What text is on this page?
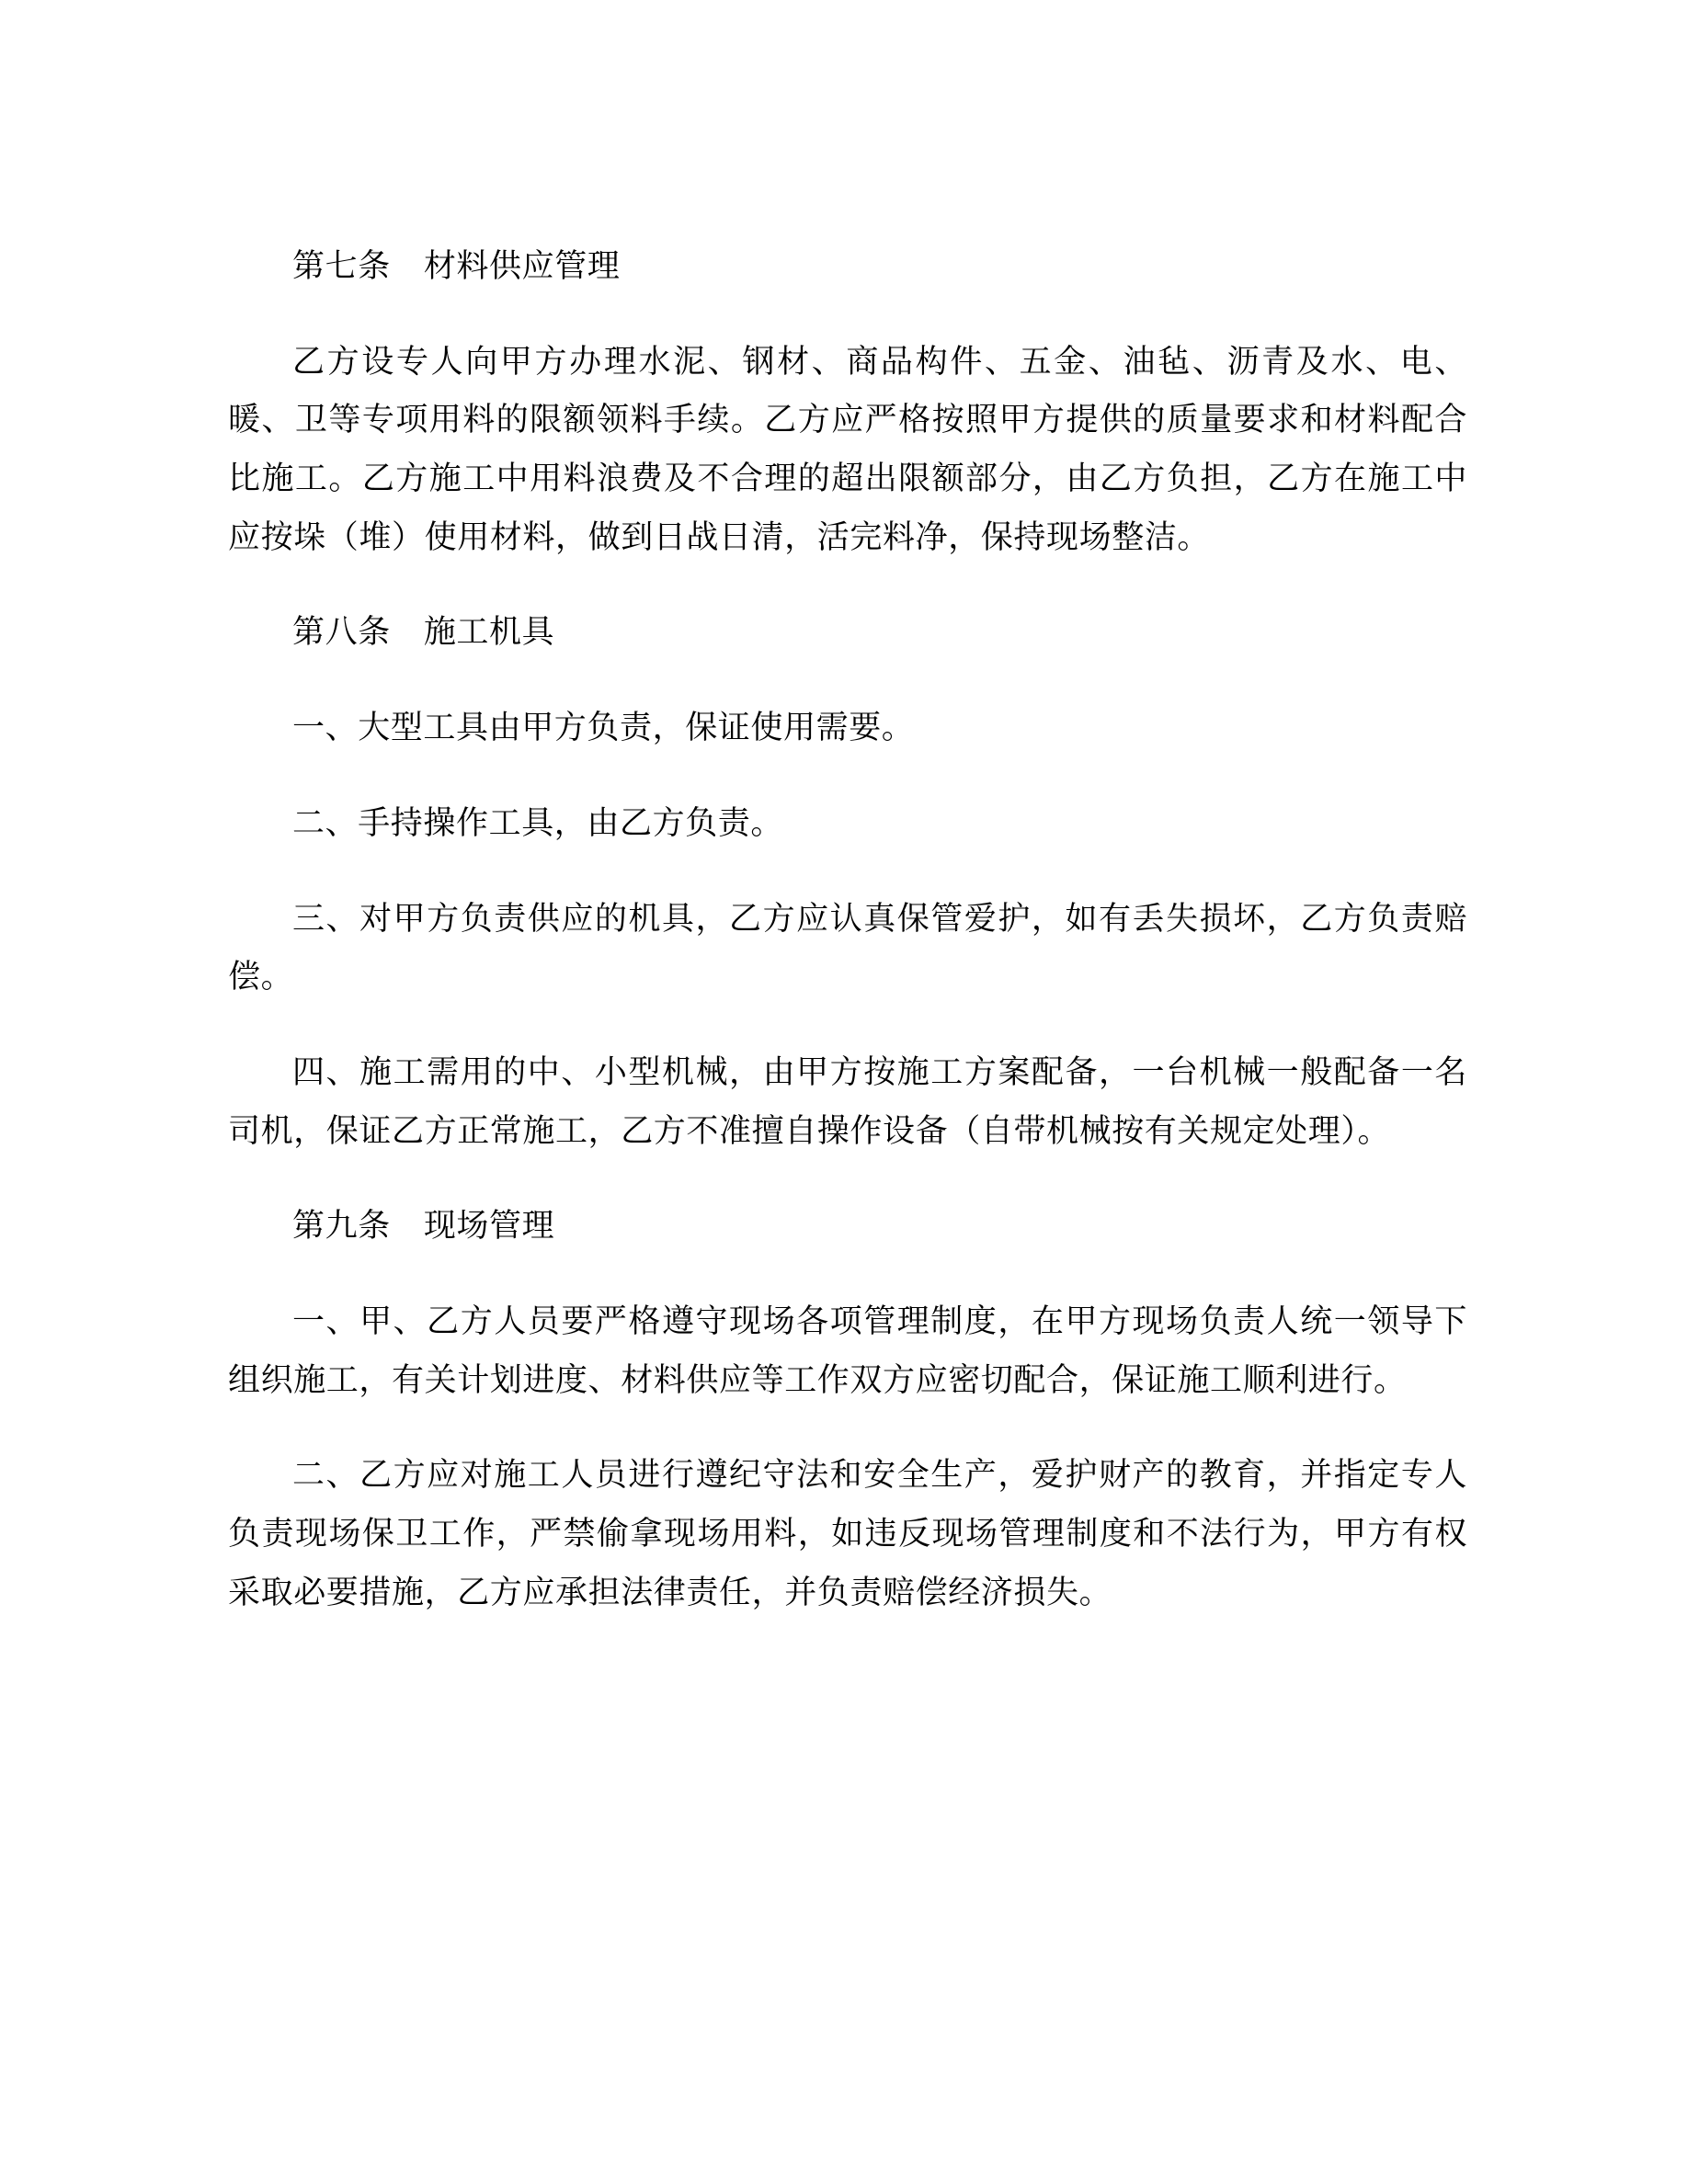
第七条 材料供应管理

乙方设专人向甲方办理水泥、钢材、商品构件、五金、油毡、沥青及水、电、暖、卫等专项用料的限额领料手续。乙方应严格按照甲方提供的质量要求和材料配合比施工。乙方施工中用料浪费及不合理的超出限额部分，由乙方负担，乙方在施工中应按垛（堆）使用材料，做到日战日清，活完料净，保持现场整洁。

第八条 施工机具

一、大型工具由甲方负责，保证使用需要。

二、手持操作工具，由乙方负责。

三、对甲方负责供应的机具，乙方应认真保管爱护，如有丢失损坏，乙方负责赔偿。

四、施工需用的中、小型机械，由甲方按施工方案配备，一台机械一般配备一名司机，保证乙方正常施工，乙方不准擅自操作设备（自带机械按有关规定处理）。

第九条 现场管理

一、甲、乙方人员要严格遵守现场各项管理制度，在甲方现场负责人统一领导下组织施工，有关计划进度、材料供应等工作双方应密切配合，保证施工顺利进行。

二、乙方应对施工人员进行遵纪守法和安全生产，爱护财产的教育，并指定专人负责现场保卫工作，严禁偷拿现场用料，如违反现场管理制度和不法行为，甲方有权采取必要措施，乙方应承担法律责任，并负责赔偿经济损失。
